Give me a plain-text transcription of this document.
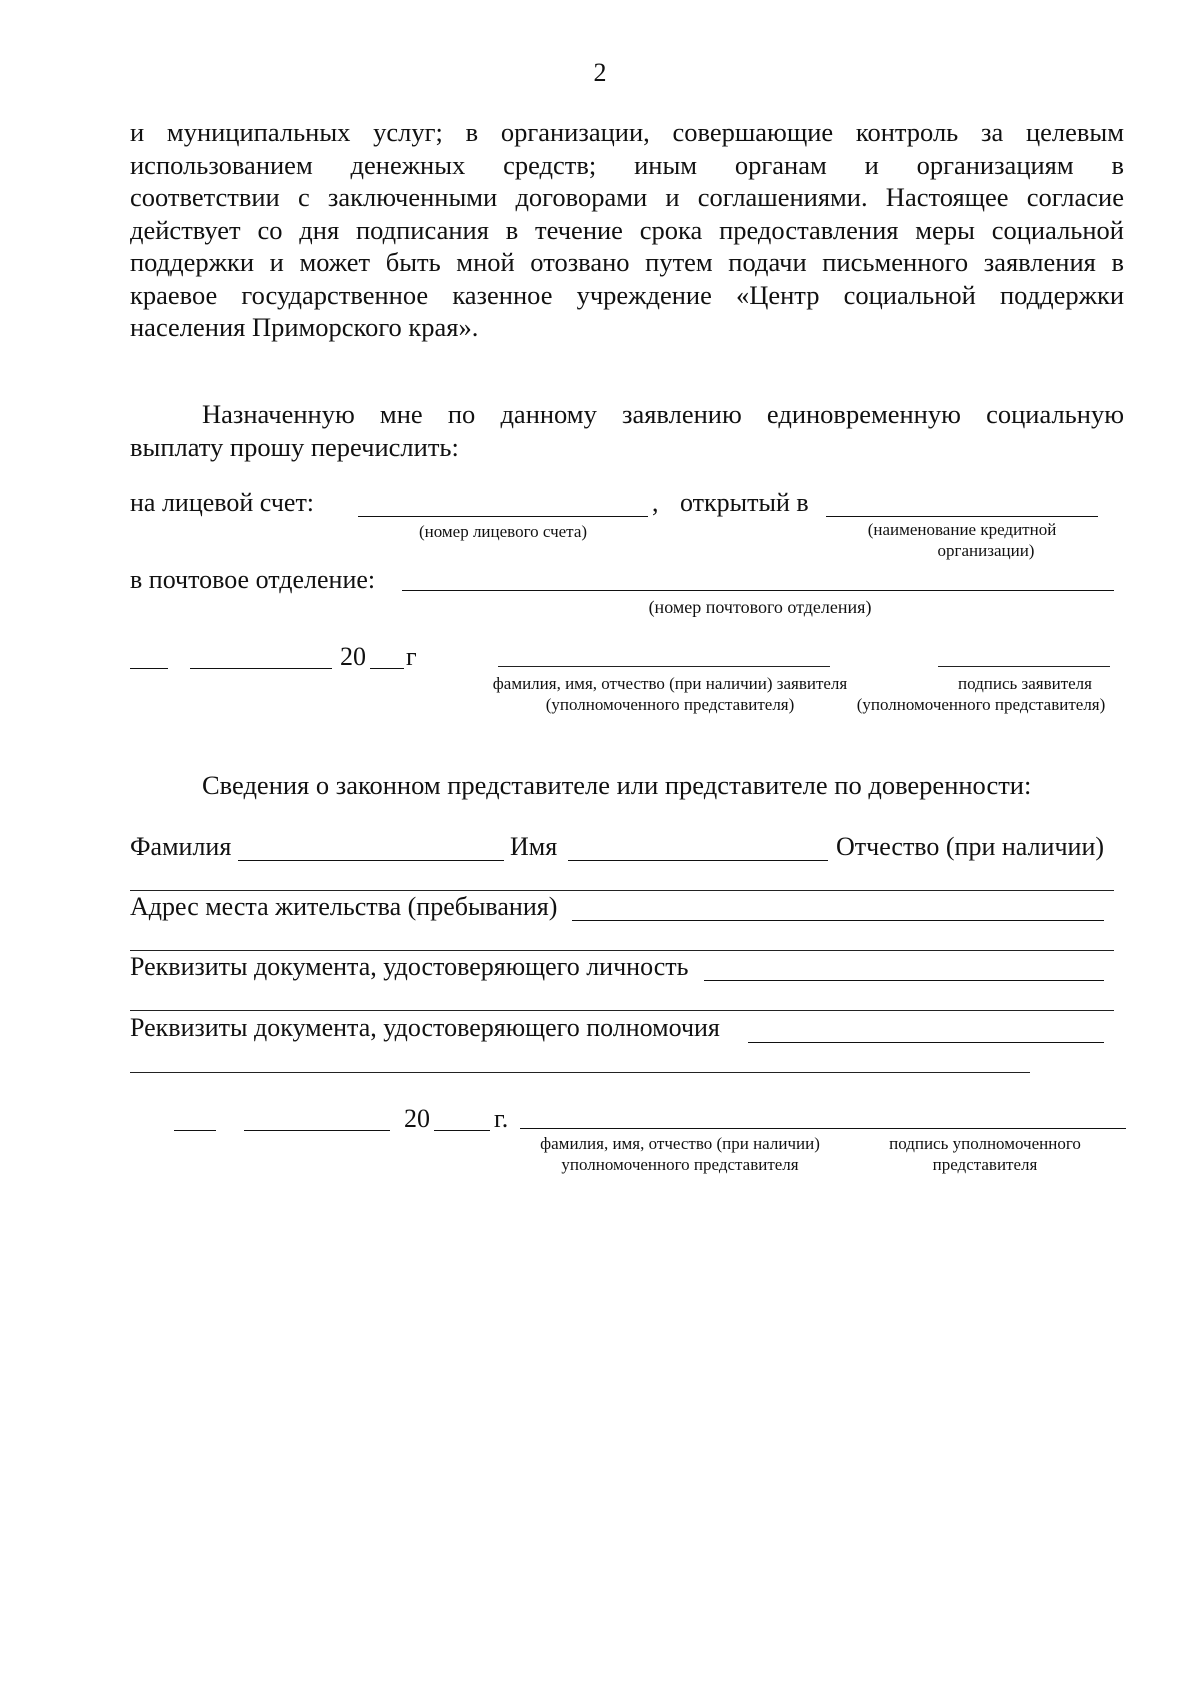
2
и муниципальных услуг; в организации, совершающие контроль за целевым
использованием денежных средств; иным органам и организациям в
соответствии с заключенными договорами и соглашениями. Настоящее согласие
действует со дня подписания в течение срока предоставления меры социальной
поддержки и может быть мной отозвано путем подачи письменного заявления в
краевое государственное казенное учреждение «Центр социальной поддержки
населения Приморского края».
Назначенную мне по данному заявлению единовременную социальную
выплату прошу перечислить:
на лицевой счет:	, открытый в
(номер лицевого счета)	(наименование кредитной
организации)
в почтовое отделение:
(номер почтового отделения)
20 г
фамилия, имя, отчество (при наличии) заявителя
(уполномоченного представителя)
подпись заявителя
(уполномоченного представителя)
Сведения о законном представителе или представителе по доверенности:
Фамилия	Имя	Отчество (при наличии)
Адрес места жительства (пребывания)
Реквизиты документа, удостоверяющего личность
Реквизиты документа, удостоверяющего полномочия
20 г.
фамилия, имя, отчество (при наличии)
уполномоченного представителя
подпись уполномоченного
представителя
